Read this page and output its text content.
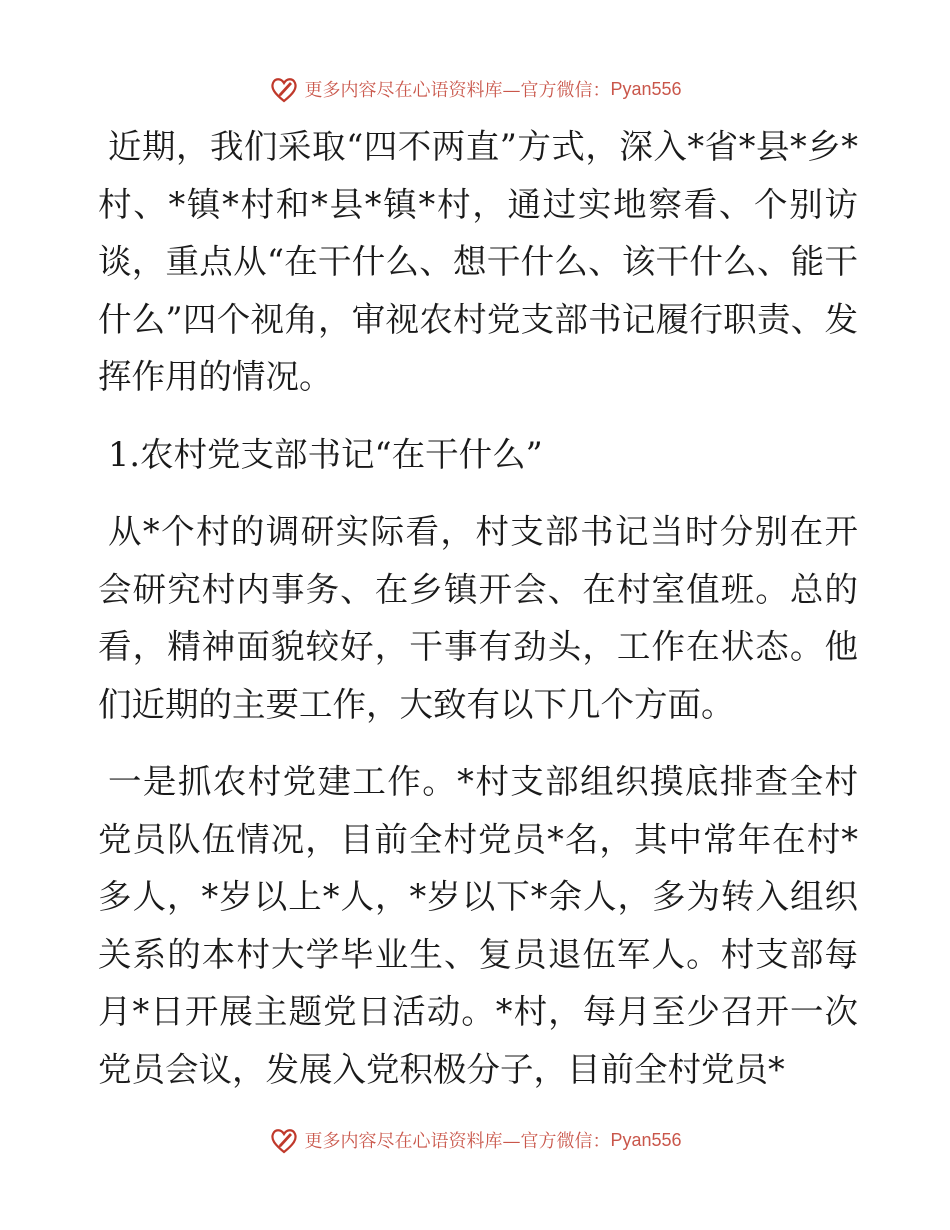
更多内容尽在心语资料库—官方微信： Pyan556

近期，我们采取“四不两直”方式，深入*省*县*乡*村、*镇*村和*县*镇*村，通过实地察看、个别访谈，重点从“在干什么、想干什么、该干什么、能干什么”四个视角，审视农村党支部书记履行职责、发挥作用的情况。

1.农村党支部书记“在干什么”

从*个村的调研实际看，村支部书记当时分别在开会研究村内事务、在乡镇开会、在村室值班。总的看，精神面貌较好，干事有劲头，工作在状态。他们近期的主要工作，大致有以下几个方面。

一是抓农村党建工作。*村支部组织摸底排查全村党员队伍情况，目前全村党员*名，其中常年在村*多人，*岁以上*人，*岁以下*余人，多为转入组织关系的本村大学毕业生、复员退伍军人。村支部每月*日开展主题党日活动。*村，每月至少召开一次党员会议，发展入党积极分子，目前全村党员*

更多内容尽在心语资料库—官方微信： Pyan556
